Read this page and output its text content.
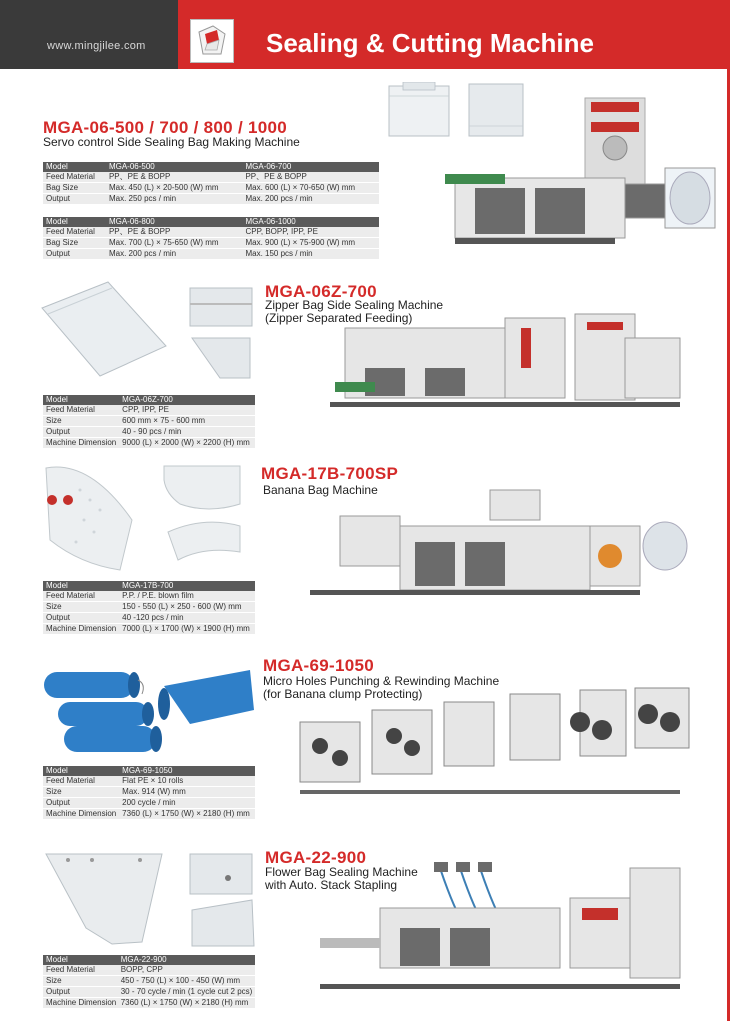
www.mingjilee.com	Sealing & Cutting Machine
MGA-06-500 / 700 / 800 / 1000
Servo control Side Sealing Bag Making Machine
Model	MGA-06-500	MGA-06-700
Feed Material	PP、PE & BOPP	PP、PE & BOPP
Bag Size	Max. 450 (L) × 20-500 (W) mm	Max. 600 (L) × 70-650 (W) mm
Output	Max. 250 pcs / min	Max. 200 pcs / min
Model	MGA-06-800	MGA-06-1000
Feed Material	PP、PE & BOPP	CPP, BOPP, IPP, PE
Bag Size	Max. 700 (L) × 75-650 (W) mm	Max. 900 (L) × 75-900 (W) mm
Output	Max. 200 pcs / min	Max. 150 pcs / min
MGA-06Z-700
Zipper Bag Side Sealing Machine
(Zipper Separated Feeding)
Model	MGA-06Z-700
Feed Material	CPP, IPP, PE
Size	600 mm × 75 - 600 mm
Output	40 - 90 pcs / min
Machine Dimension	9000 (L) × 2000 (W) × 2200 (H) mm
MGA-17B-700SP
Banana Bag Machine
Model	MGA-17B-700
Feed Material	P.P. / P.E. blown film
Size	150 - 550 (L) × 250 - 600 (W) mm
Output	40 -120 pcs / min
Machine Dimension	7000 (L) × 1700 (W) × 1900 (H) mm
MGA-69-1050
Micro Holes Punching & Rewinding Machine
(for Banana clump Protecting)
Model	MGA-69-1050
Feed Material	Flat PE × 10 rolls
Size	Max. 914 (W) mm
Output	200 cycle / min
Machine Dimension	7360 (L) × 1750 (W) × 2180 (H) mm
MGA-22-900
Flower Bag Sealing Machine
with Auto. Stack Stapling
Model	MGA-22-900
Feed Material	BOPP, CPP
Size	450 - 750 (L) × 100 - 450 (W) mm
Output	30 - 70 cycle / min (1 cycle cut 2 pcs)
Machine Dimension	7360 (L) × 1750 (W) × 2180 (H) mm
